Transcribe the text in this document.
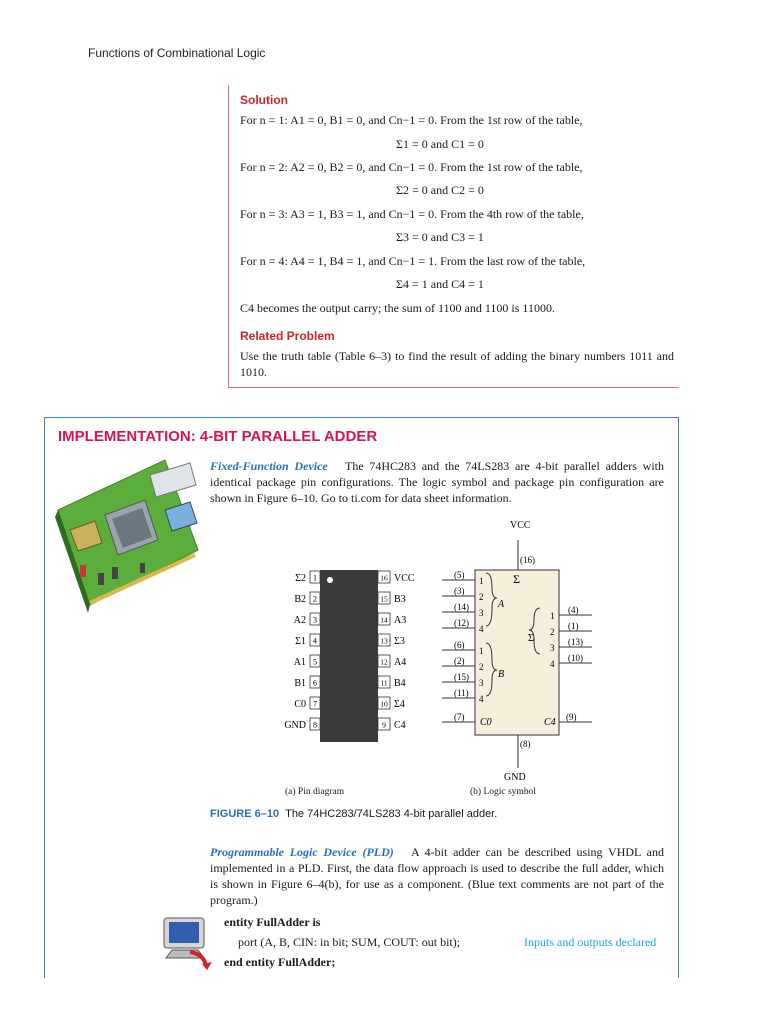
Functions of Combinational Logic
Solution
For n = 1: A1 = 0, B1 = 0, and Cn−1 = 0. From the 1st row of the table,
Σ1 = 0 and C1 = 0
For n = 2: A2 = 0, B2 = 0, and Cn−1 = 0. From the 1st row of the table,
Σ2 = 0 and C2 = 0
For n = 3: A3 = 1, B3 = 1, and Cn−1 = 0. From the 4th row of the table,
Σ3 = 0 and C3 = 1
For n = 4: A4 = 1, B4 = 1, and Cn−1 = 1. From the last row of the table,
Σ4 = 1 and C4 = 1
C4 becomes the output carry; the sum of 1100 and 1100 is 11000.
Related Problem
Use the truth table (Table 6–3) to find the result of adding the binary numbers 1011 and 1010.
IMPLEMENTATION: 4-BIT PARALLEL ADDER
Fixed-Function Device The 74HC283 and the 74LS283 are 4-bit parallel adders with identical package pin configurations. The logic symbol and package pin configuration are shown in Figure 6–10. Go to ti.com for data sheet information.
1
Σ2
2
B2
3
A2
4
Σ1
5
A1
6
B1
7
C0
8
GND
16 VCC
15 B3
14 A3
13 Σ3
12 A4
11 B4
10 Σ4
9 C4
VCC
(16)
(8)
GND
Σ
B
A
Σ
C0	C4
(5)
1
(3)
2
(14)
3
(12)
4
(6)
1
(2)
2
(15)
3
(11)
4
(4)
1
(1)
2
(13)
3
(10)
4
(7)	(9)
(a) Pin diagram	(b) Logic symbol
FIGURE 6–10 The 74HC283/74LS283 4-bit parallel adder.
Programmable Logic Device (PLD) A 4-bit adder can be described using VHDL and implemented in a PLD. First, the data flow approach is used to describe the full adder, which is shown in Figure 6–4(b), for use as a component. (Blue text comments are not part of the program.)
entity FullAdder is
port (A, B, CIN: in bit; SUM, COUT: out bit);
end entity FullAdder;
Inputs and outputs declared
